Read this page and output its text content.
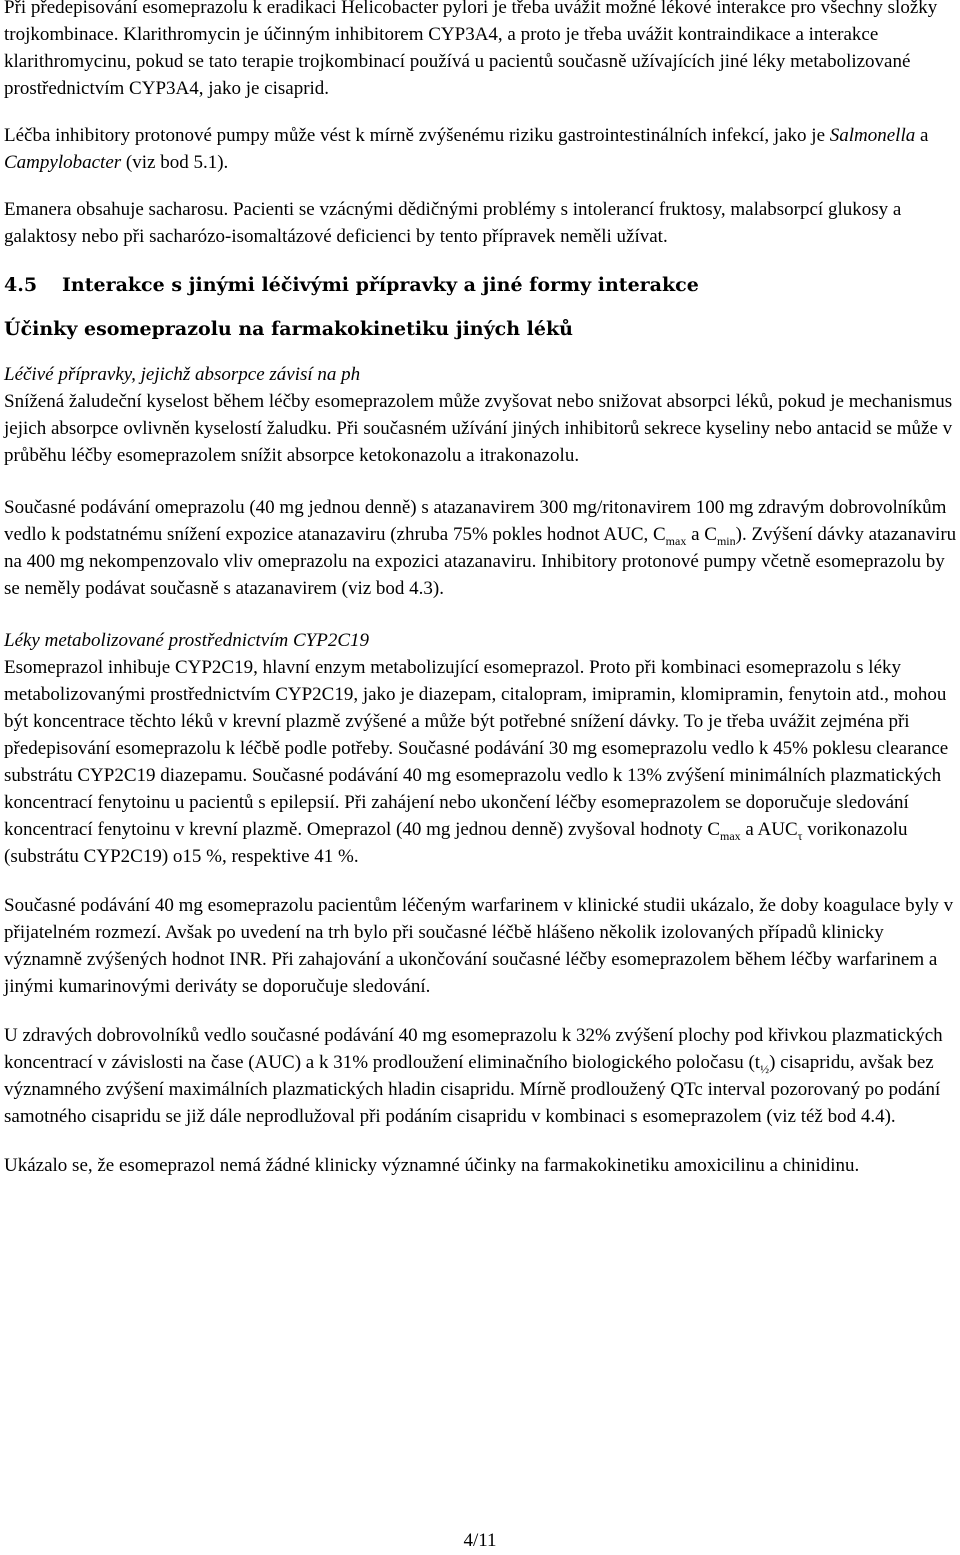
Při předepisování esomeprazolu k eradikaci Helicobacter pylori je třeba uvážit možné lékové interakce pro všechny složky trojkombinace. Klarithromycin je účinným inhibitorem CYP3A4, a proto je třeba uvážit kontraindikace a interakce klarithromycinu, pokud se tato terapie trojkombinací používá u pacientů současně užívajících jiné léky metabolizované prostřednictvím CYP3A4, jako je cisaprid.

Léčba inhibitory protonové pumpy může vést k mírně zvýšenému riziku gastrointestinálních infekcí, jako je Salmonella a Campylobacter (viz bod 5.1).

Emanera obsahuje sacharosu. Pacienti se vzácnými dědičnými problémy s intolerancí fruktosy, malabsorpcí glukosy a galaktosy nebo při sacharózo-isomaltázové deficienci by tento přípravek neměli užívat.

4.5 Interakce s jinými léčivými přípravky a jiné formy interakce
Účinky esomeprazolu na farmakokinetiku jiných léků

Léčivé přípravky, jejichž absorpce závisí na ph

Snížená žaludeční kyselost během léčby esomeprazolem může zvyšovat nebo snižovat absorpci léků, pokud je mechanismus jejich absorpce ovlivněn kyselostí žaludku. Při současném užívání jiných inhibitorů sekrece kyseliny nebo antacid se může v průběhu léčby esomeprazolem snížit absorpce ketokonazolu a itrakonazolu.

Současné podávání omeprazolu (40 mg jednou denně) s atazanavirem 300 mg/ritonavirem 100 mg zdravým dobrovolníkům vedlo k podstatnému snížení expozice atanazaviru (zhruba 75% pokles hodnot AUC, $C_{max}$ a $C_{min}$). Zvýšení dávky atazanaviru na 400 mg nekompenzovalo vliv omeprazolu na expozici atazanaviru. Inhibitory protonové pumpy včetně esomeprazolu by se neměly podávat současně s atazanavirem (viz bod 4.3).

Léky metabolizované prostřednictvím CYP2C19

Esomeprazol inhibuje CYP2C19, hlavní enzym metabolizující esomeprazol. Proto při kombinaci esomeprazolu s léky metabolizovanými prostřednictvím CYP2C19, jako je diazepam, citalopram, imipramin, klomipramin, fenytoin atd., mohou být koncentrace těchto léků v krevní plazmě zvýšené a může být potřebné snížení dávky. To je třeba uvážit zejména při předepisování esomeprazolu k léčbě podle potřeby. Současné podávání 30 mg esomeprazolu vedlo k 45% poklesu clearance substrátu CYP2C19 diazepamu. Současné podávání 40 mg esomeprazolu vedlo k 13% zvýšení minimálních plazmatických koncentrací fenytoinu u pacientů s epilepsií. Při zahájení nebo ukončení léčby esomeprazolem se doporučuje sledování koncentrací fenytoinu v krevní plazmě. Omeprazol (40 mg jednou denně) zvyšoval hodnoty $C_{max}$ a $AUC_\tau$ vorikonazolu (substrátu CYP2C19) o15 %, respektive 41 %.

Současné podávání 40 mg esomeprazolu pacientům léčeným warfarinem v klinické studii ukázalo, že doby koagulace byly v přijatelném rozmezí. Avšak po uvedení na trh bylo při současné léčbě hlášeno několik izolovaných případů klinicky významně zvýšených hodnot INR. Při zahajování a ukončování současné léčby esomeprazolem během léčby warfarinem a jinými kumarinovými deriváty se doporučuje sledování.

U zdravých dobrovolníků vedlo současné podávání 40 mg esomeprazolu k 32% zvýšení plochy pod křivkou plazmatických koncentrací v závislosti na čase (AUC) a k 31% prodloužení eliminačního biologického poločasu $(t_{\frac{1}{2}})$ cisapridu, avšak bez významného zvýšení maximálních plazmatických hladin cisapridu. Mírně prodloužený QTc interval pozorovaný po podání samotného cisapridu se již dále neprodlužoval při podáním cisapridu v kombinaci s esomeprazolem (viz též bod 4.4).

Ukázalo se, že esomeprazol nemá žádné klinicky významné účinky na farmakokinetiku amoxicilinu a chinidinu.

4/11
